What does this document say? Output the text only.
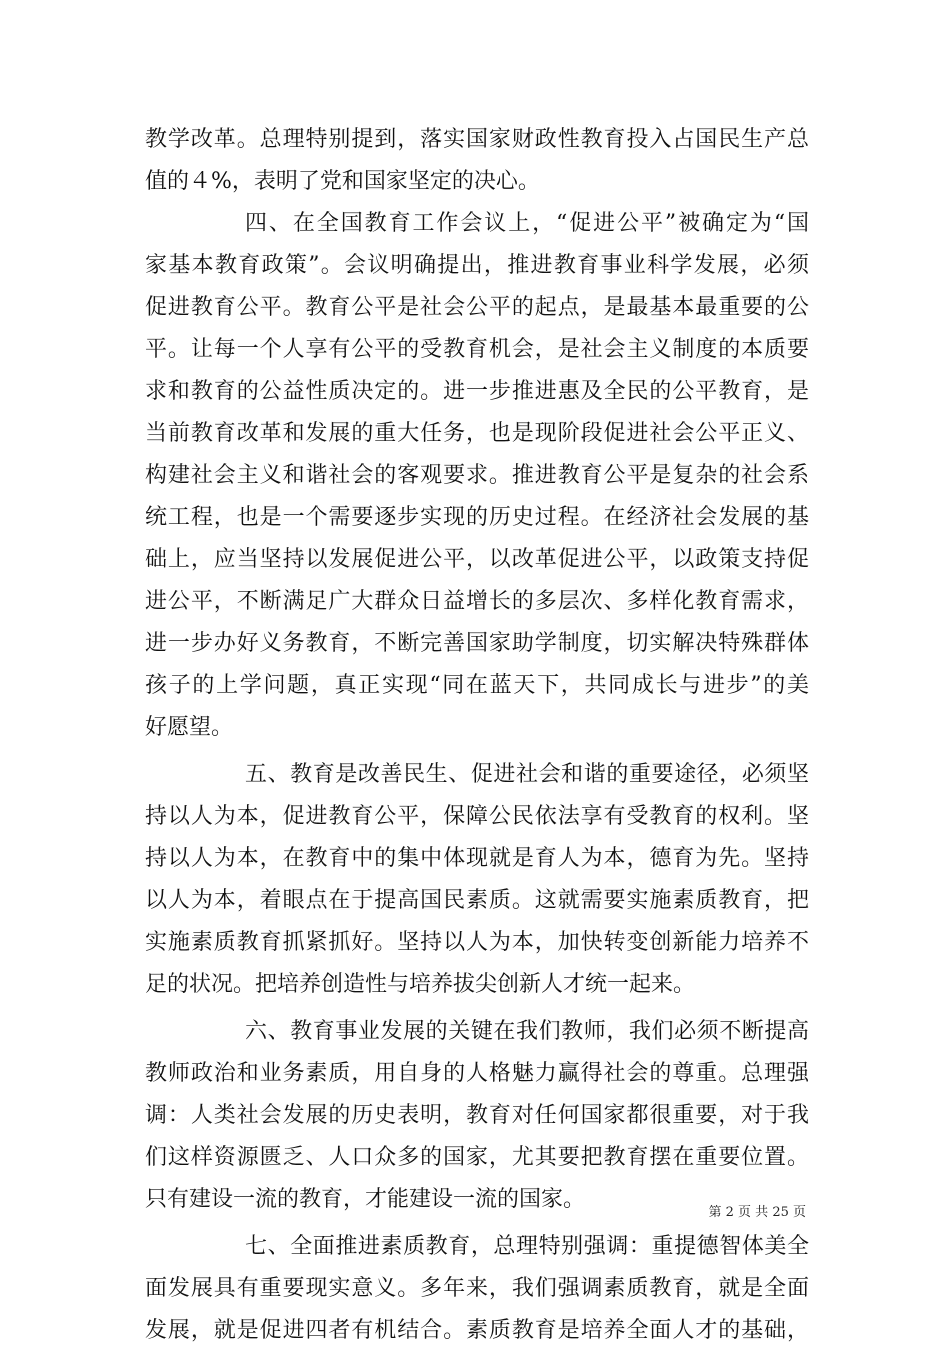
教学改革。总理特别提到，落实国家财政性教育投入占国民生产总
值的４%，表明了党和国家坚定的决心。
四、在全国教育工作会议上，“促进公平”被确定为“国
家基本教育政策”。会议明确提出，推进教育事业科学发展，必须
促进教育公平。教育公平是社会公平的起点，是最基本最重要的公
平。让每一个人享有公平的受教育机会，是社会主义制度的本质要
求和教育的公益性质决定的。进一步推进惠及全民的公平教育，是
当前教育改革和发展的重大任务，也是现阶段促进社会公平正义、
构建社会主义和谐社会的客观要求。推进教育公平是复杂的社会系
统工程，也是一个需要逐步实现的历史过程。在经济社会发展的基
础上，应当坚持以发展促进公平，以改革促进公平，以政策支持促
进公平，不断满足广大群众日益增长的多层次、多样化教育需求，
进一步办好义务教育，不断完善国家助学制度，切实解决特殊群体
孩子的上学问题，真正实现“同在蓝天下，共同成长与进步”的美
好愿望。
五、教育是改善民生、促进社会和谐的重要途径，必须坚
持以人为本，促进教育公平，保障公民依法享有受教育的权利。坚
持以人为本，在教育中的集中体现就是育人为本，德育为先。坚持
以人为本，着眼点在于提高国民素质。这就需要实施素质教育，把
实施素质教育抓紧抓好。坚持以人为本，加快转变创新能力培养不
足的状况。把培养创造性与培养拔尖创新人才统一起来。
六、教育事业发展的关键在我们教师，我们必须不断提高
教师政治和业务素质，用自身的人格魅力赢得社会的尊重。总理强
调：人类社会发展的历史表明，教育对任何国家都很重要，对于我
们这样资源匮乏、人口众多的国家，尤其要把教育摆在重要位置。
只有建设一流的教育，才能建设一流的国家。
七、全面推进素质教育，总理特别强调：重提德智体美全
面发展具有重要现实意义。多年来，我们强调素质教育，就是全面
发展，就是促进四者有机结合。素质教育是培养全面人才的基础，
第 2 页 共 25 页
